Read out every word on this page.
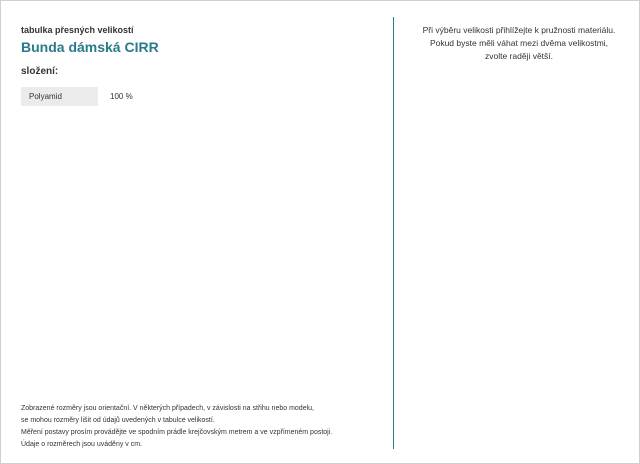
tabulka přesných velikostí

Bunda dámská CIRR

složení:
Polyamid	100 %
Zobrazené rozměry jsou orientační. V některých případech, v závislosti na střihu nebo modelu,
se mohou rozměry lišit od údajů uvedených v tabulce velikostí.
Měření postavy prosím provádějte ve spodním prádle krejčovským metrem a ve vzpřímeném postoji.
Údaje o rozměrech jsou uváděny v cm.
Při výběru velikosti přihlížejte k pružnosti materiálu.
Pokud byste měli váhat mezi dvěma velikostmi,
zvolte raději větší.
